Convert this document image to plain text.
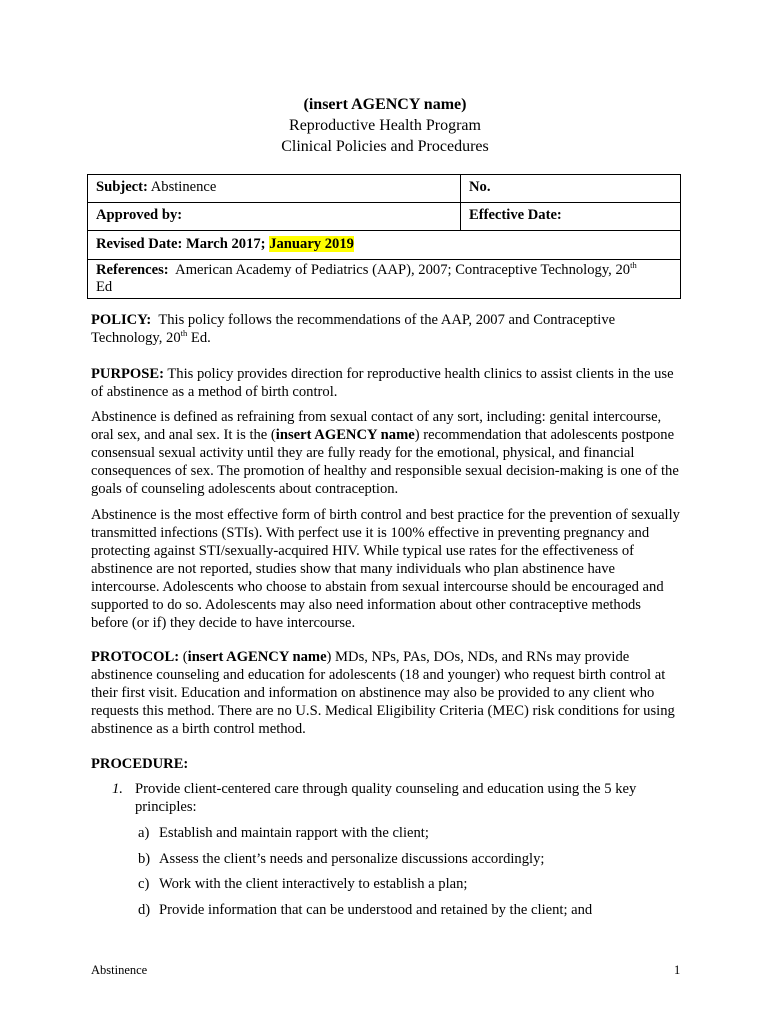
(insert AGENCY name)
Reproductive Health Program
Clinical Policies and Procedures
Subject: Abstinence	No.
Approved by:	Effective Date:
Revised Date: March 2017; January 2019	
References: American Academy of Pediatrics (AAP), 2007; Contraceptive Technology, 20th
Ed	

POLICY: This policy follows the recommendations of the AAP, 2007 and Contraceptive Technology, 20th Ed.

PURPOSE: This policy provides direction for reproductive health clinics to assist clients in the use of abstinence as a method of birth control.

Abstinence is defined as refraining from sexual contact of any sort, including: genital intercourse, oral sex, and anal sex. It is the (insert AGENCY name) recommendation that adolescents postpone consensual sexual activity until they are fully ready for the emotional, physical, and financial consequences of sex. The promotion of healthy and responsible sexual decision-making is one of the goals of counseling adolescents about contraception.

Abstinence is the most effective form of birth control and best practice for the prevention of sexually transmitted infections (STIs). With perfect use it is 100% effective in preventing pregnancy and protecting against STI/sexually-acquired HIV. While typical use rates for the effectiveness of abstinence are not reported, studies show that many individuals who plan abstinence have intercourse. Adolescents who choose to abstain from sexual intercourse should be encouraged and supported to do so. Adolescents may also need information about other contraceptive methods before (or if) they decide to have intercourse.

PROTOCOL: (insert AGENCY name) MDs, NPs, PAs, DOs, NDs, and RNs may provide abstinence counseling and education for adolescents (18 and younger) who request birth control at their first visit. Education and information on abstinence may also be provided to any client who requests this method. There are no U.S. Medical Eligibility Criteria (MEC) risk conditions for using abstinence as a birth control method.

PROCEDURE:

1. Provide client-centered care through quality counseling and education using the 5 key principles:
a) Establish and maintain rapport with the client;
b) Assess the client’s needs and personalize discussions accordingly;
c) Work with the client interactively to establish a plan;
d) Provide information that can be understood and retained by the client; and
Abstinence	1
